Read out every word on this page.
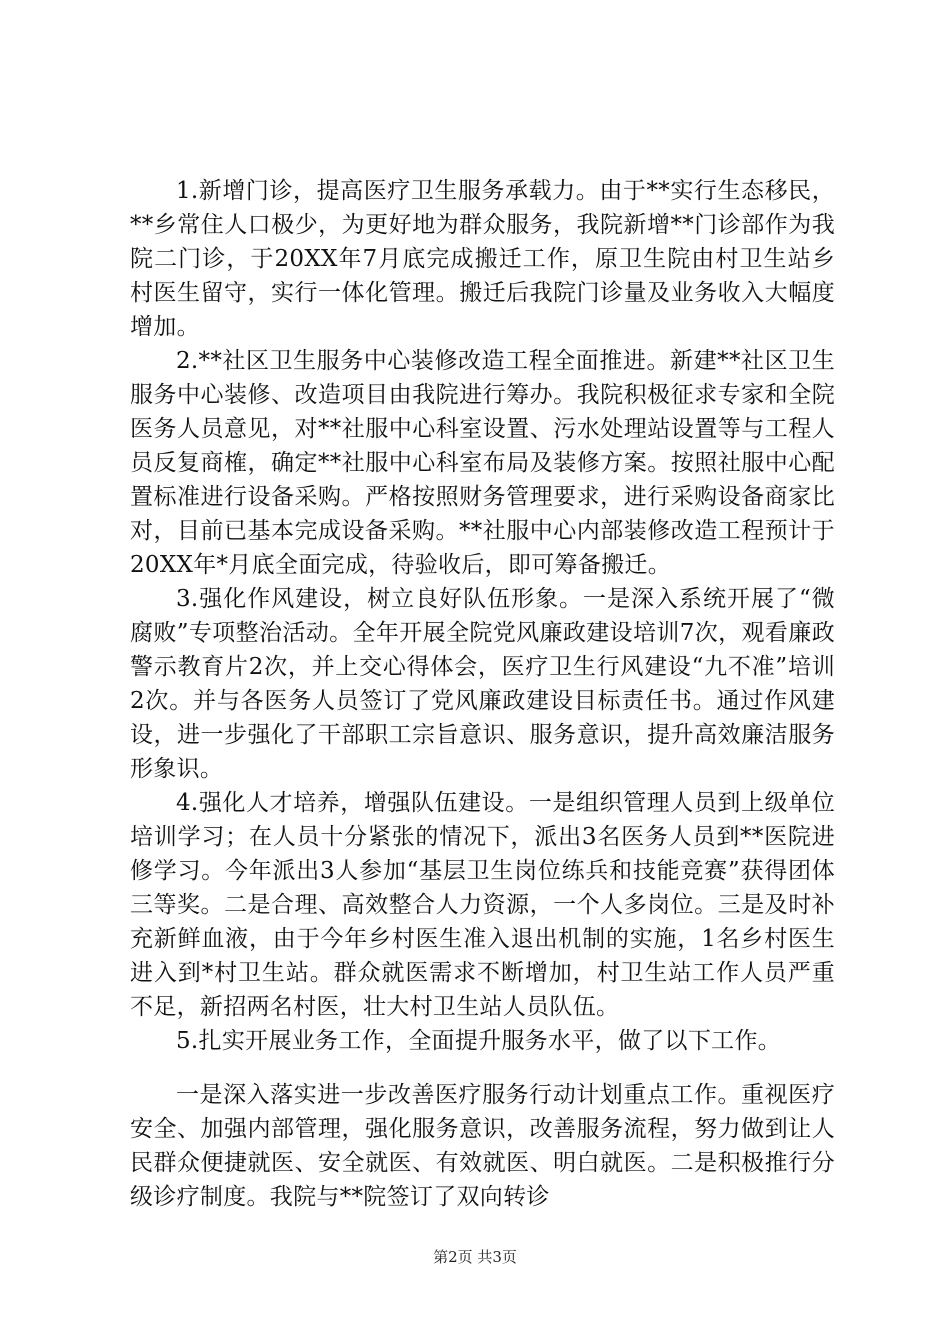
1.新增门诊，提高医疗卫生服务承载力。由于**实行生态移民，**乡常住人口极少，为更好地为群众服务，我院新增**门诊部作为我院二门诊，于20XX年7月底完成搬迁工作，原卫生院由村卫生站乡村医生留守，实行一体化管理。搬迁后我院门诊量及业务收入大幅度增加。

2.**社区卫生服务中心装修改造工程全面推进。新建**社区卫生服务中心装修、改造项目由我院进行筹办。我院积极征求专家和全院医务人员意见，对**社服中心科室设置、污水处理站设置等与工程人员反复商榷，确定**社服中心科室布局及装修方案。按照社服中心配置标准进行设备采购。严格按照财务管理要求，进行采购设备商家比对，目前已基本完成设备采购。**社服中心内部装修改造工程预计于20XX年*月底全面完成，待验收后，即可筹备搬迁。

3.强化作风建设，树立良好队伍形象。一是深入系统开展了“微腐败”专项整治活动。全年开展全院党风廉政建设培训7次，观看廉政警示教育片2次，并上交心得体会，医疗卫生行风建设“九不准”培训2次。并与各医务人员签订了党风廉政建设目标责任书。通过作风建设，进一步强化了干部职工宗旨意识、服务意识，提升高效廉洁服务形象识。

4.强化人才培养，增强队伍建设。一是组织管理人员到上级单位培训学习；在人员十分紧张的情况下，派出3名医务人员到**医院进修学习。今年派出3人参加“基层卫生岗位练兵和技能竞赛”获得团体三等奖。二是合理、高效整合人力资源，一个人多岗位。三是及时补充新鲜血液，由于今年乡村医生准入退出机制的实施，1名乡村医生进入到*村卫生站。群众就医需求不断增加，村卫生站工作人员严重不足，新招两名村医，壮大村卫生站人员队伍。

5.扎实开展业务工作，全面提升服务水平，做了以下工作。

一是深入落实进一步改善医疗服务行动计划重点工作。重视医疗安全、加强内部管理，强化服务意识，改善服务流程，努力做到让人民群众便捷就医、安全就医、有效就医、明白就医。二是积极推行分级诊疗制度。我院与**院签订了双向转诊

第2页 共3页
